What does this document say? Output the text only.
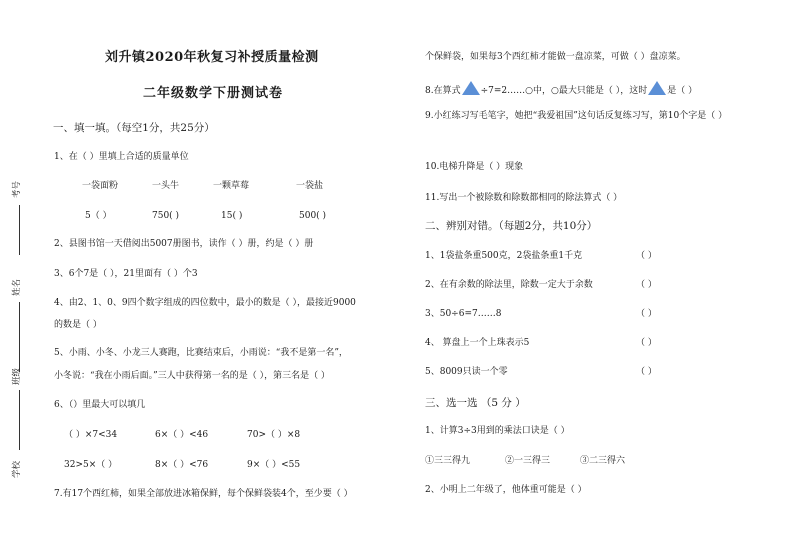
考号
姓名
班级
学校
刘升镇2020年秋复习补授质量检测
二年级数学下册测试卷
一、填一填。（每空1分，共25分）
1、在（ ）里填上合适的质量单位
一袋面粉	一头牛	一颗草莓	一袋盐
5（ ）	750( )	15( )	500( )
2、县图书馆一天借阅出5007册图书，读作（ ）册，约是（ ）册
3、6个7是（ ），21里面有（ ）个3
4、由2、1、0、9四个数字组成的四位数中，最小的数是（ ），最接近9000
的数是（ ）
5、小雨、小冬、小龙三人赛跑，比赛结束后，小雨说：“我不是第一名”，
小冬说：“我在小雨后面。”三人中获得第一名的是（ ），第三名是（ ）
6、（）里最大可以填几
（ ）×7<34	6×（ ）<46	70>（ ）×8
32>5×（ ）	8×（ ）<76	9×（ ）<55
7.有17个西红柿，如果全部放进冰箱保鲜，每个保鲜袋装4个，至少要（ ）
个保鲜袋，如果每3个西红柿才能做一盘凉菜，可做（ ）盘凉菜。
8.在算式 ÷7=2……○中，○最大只能是（ ），这时 是（ ）
9.小红练习写毛笔字，她把“我爱祖国”这句话反复练习写，第10个字是（ ）
10.电梯升降是（ ）现象
11.写出一个被除数和除数都相同的除法算式（ ）
二、辨别对错。（每题2分，共10分）
1、1袋盐条重500克，2袋盐条重1千克	（ ）
2、在有余数的除法里，除数一定大于余数	（ ）
3、50÷6=7……8	（ ）
4、 算盘上一个上珠表示5	（ ）
5、8009只读一个零	（ ）
三、选一选 （5 分 ）
1、计算3÷3用到的乘法口诀是（ ）
①三三得九	②一三得三	③二三得六
2、小明上二年级了，他体重可能是（ ）
